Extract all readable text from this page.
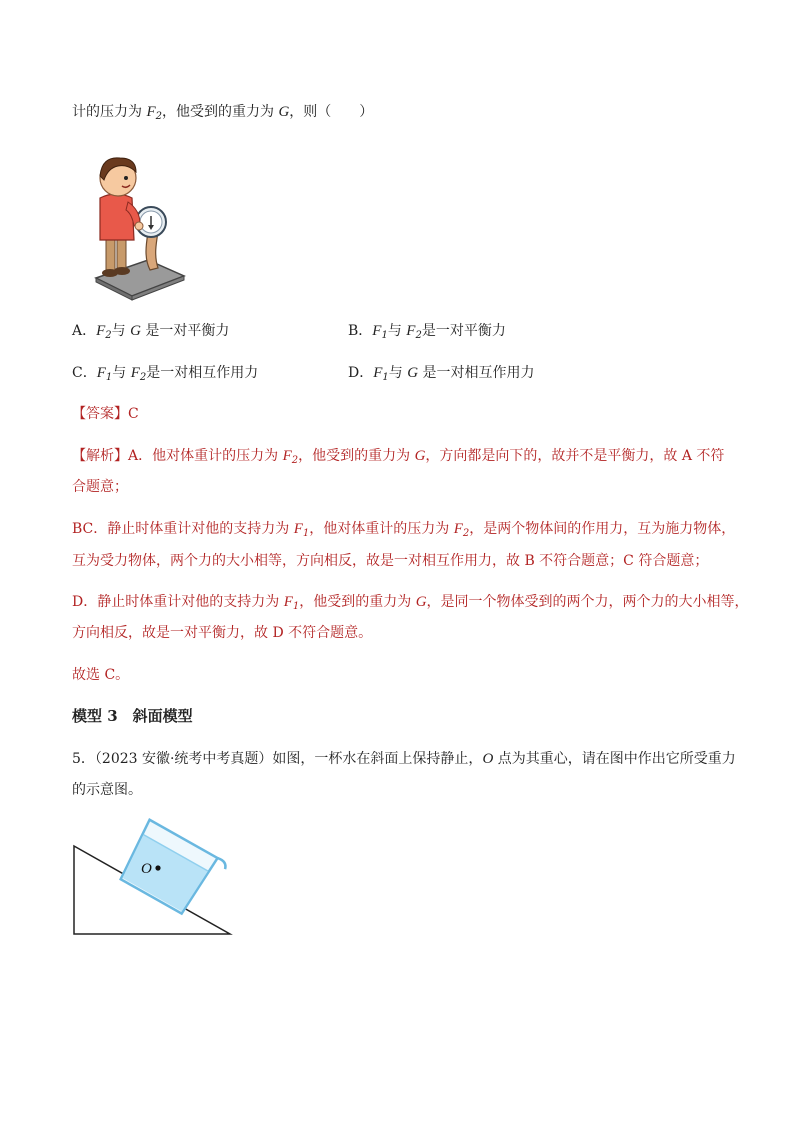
计的压力为 $F_2$，他受到的重力为 G，则（　　）
A．$F_2$与 G 是一对平衡力	B．$F_1$与 $F_2$是一对平衡力
C．$F_1$与 $F_2$是一对相互作用力	D．$F_1$与 G 是一对相互作用力
【答案】C
【解析】A．他对体重计的压力为 $F_2$，他受到的重力为 G，方向都是向下的，故并不是平衡力，故 A 不符
合题意；
BC．静止时体重计对他的支持力为 $F_1$，他对体重计的压力为 $F_2$，是两个物体间的作用力，互为施力物体，
互为受力物体，两个力的大小相等，方向相反，故是一对相互作用力，故 B 不符合题意；C 符合题意；
D．静止时体重计对他的支持力为 $F_1$，他受到的重力为 G，是同一个物体受到的两个力，两个力的大小相等，
方向相反，故是一对平衡力，故 D 不符合题意。
故选 C。
模型 3　斜面模型
5．（2023 安徽·统考中考真题）如图，一杯水在斜面上保持静止，O 点为其重心，请在图中作出它所受重力
的示意图。
O
